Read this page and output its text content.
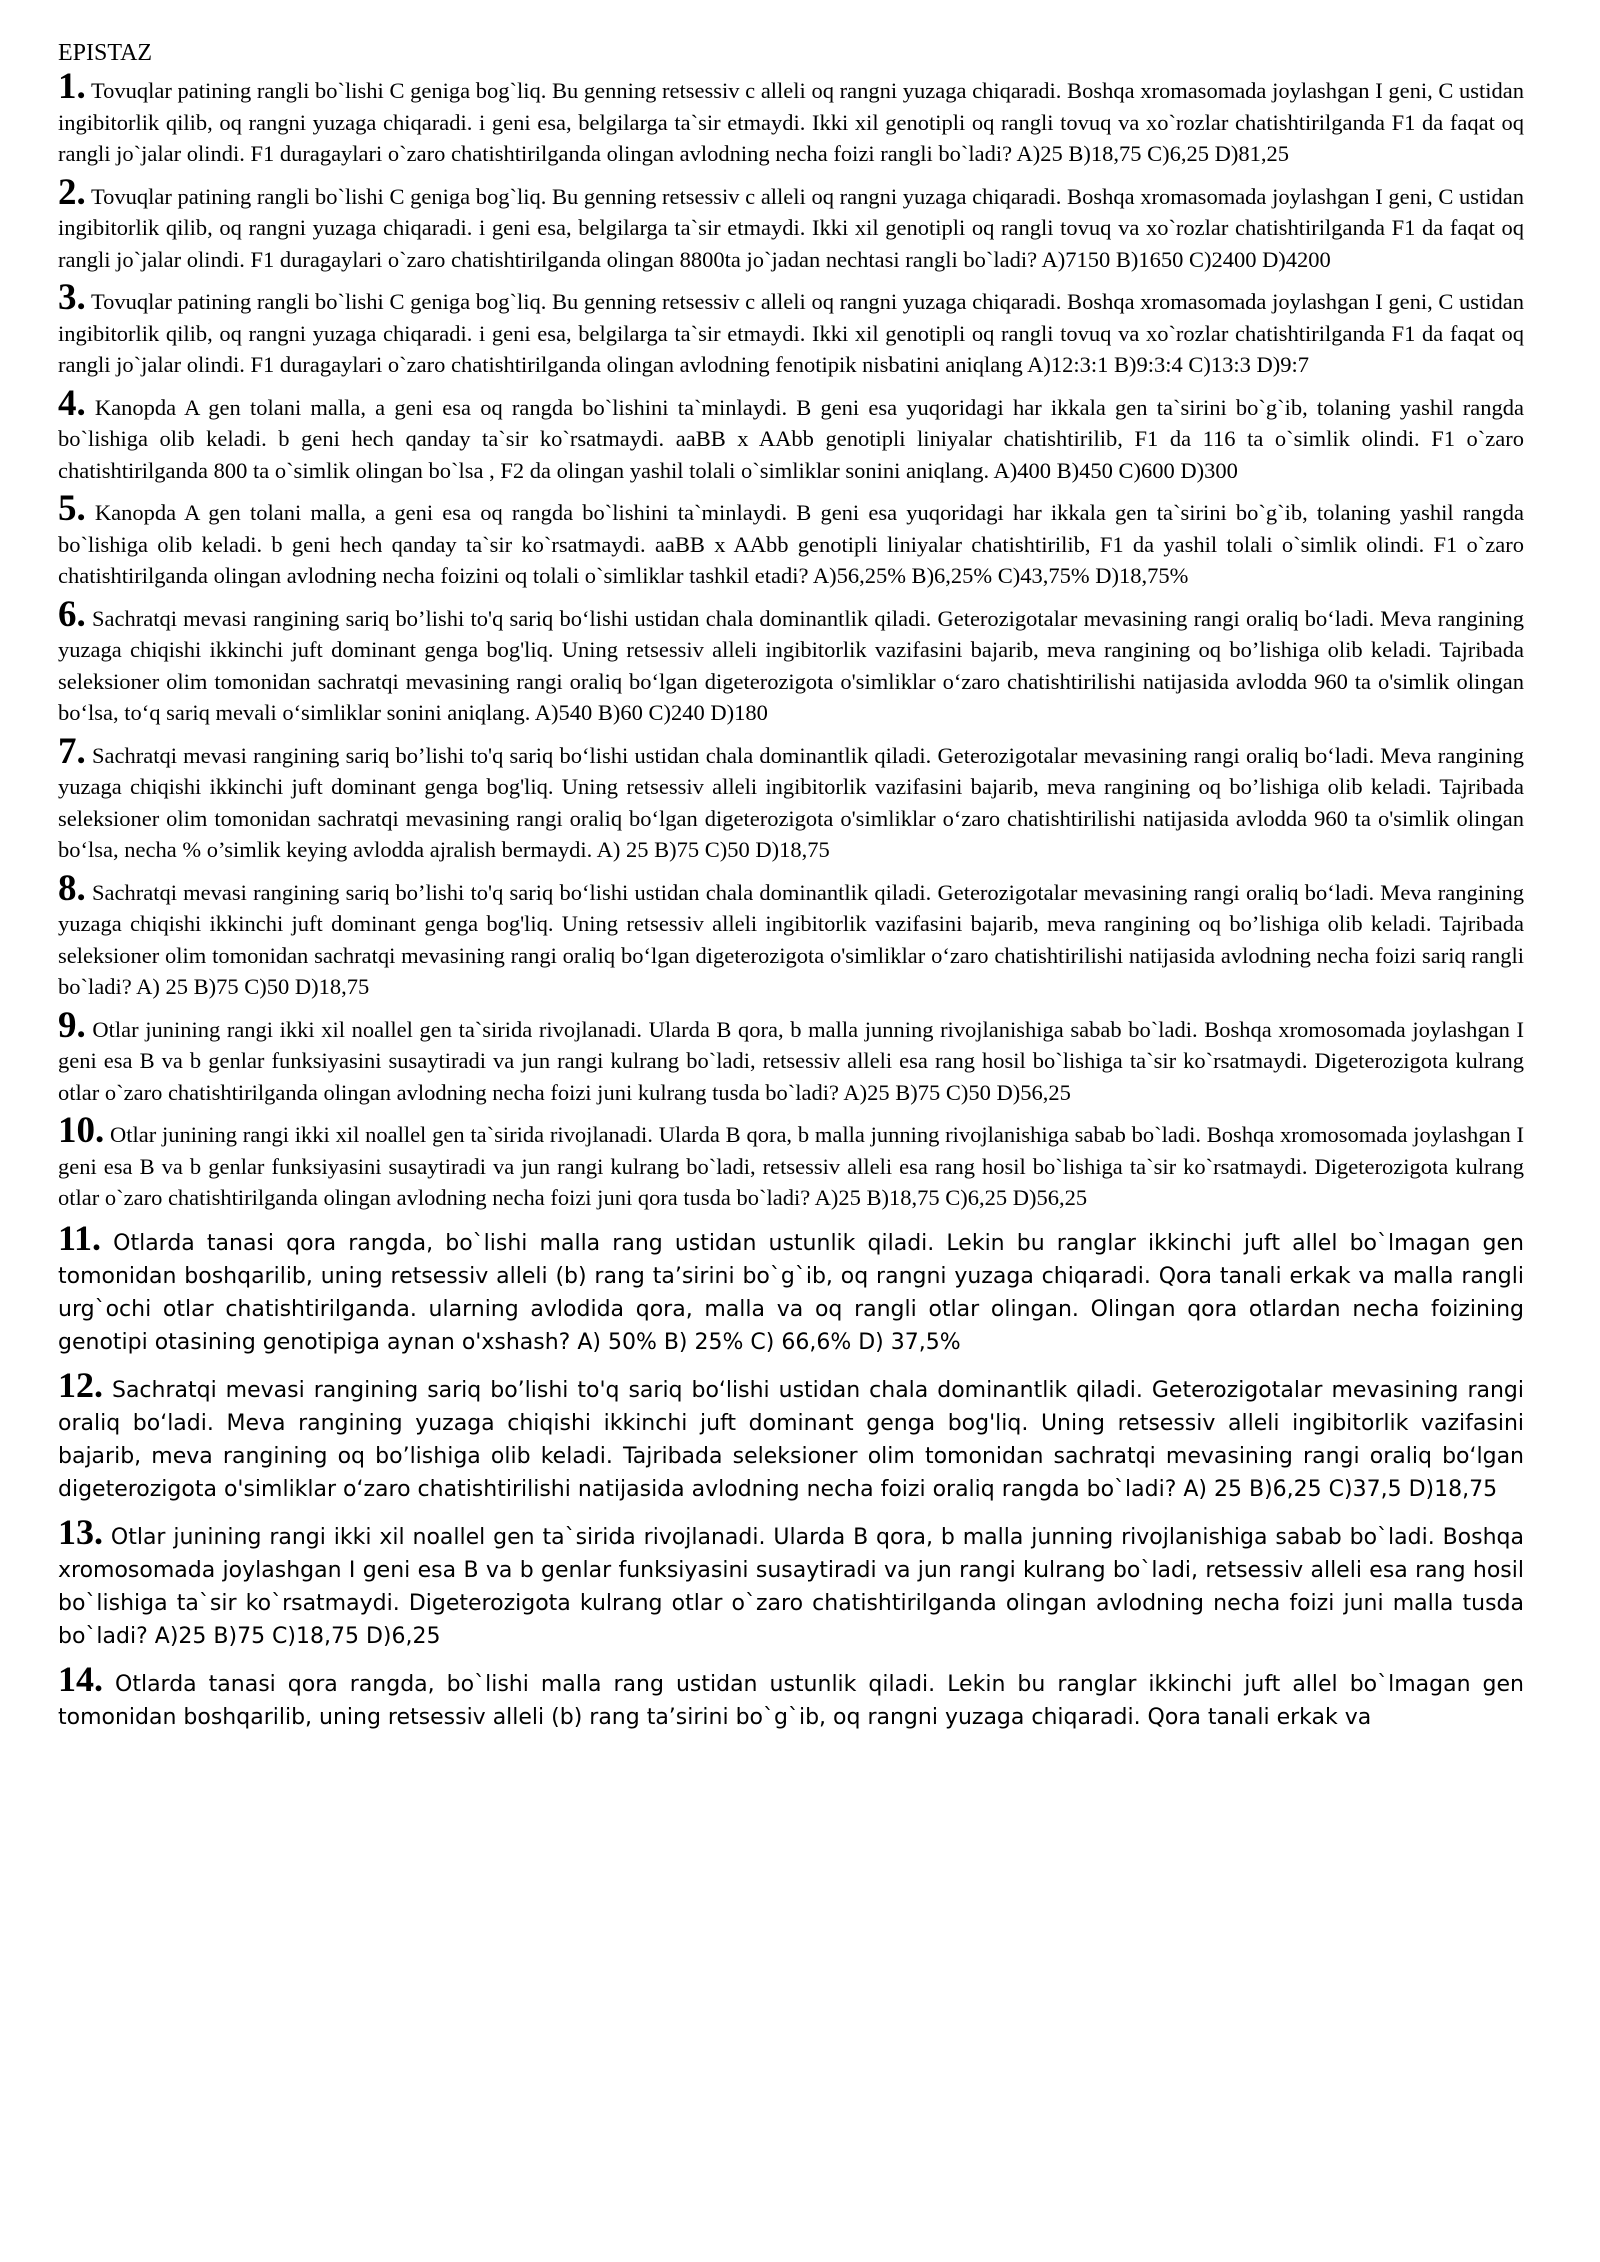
EPISTAZ

1. Tovuqlar patining rangli bo`lishi C geniga bog`liq. Bu genning retsessiv c alleli oq rangni yuzaga chiqaradi. Boshqa xromasomada joylashgan I geni, C ustidan ingibitorlik qilib, oq rangni yuzaga chiqaradi. i geni esa, belgilarga ta`sir etmaydi. Ikki xil genotipli oq rangli tovuq va xo`rozlar chatishtirilganda F1 da faqat oq rangli jo`jalar olindi. F1 duragaylari o`zaro chatishtirilganda olingan avlodning necha foizi rangli bo`ladi? A)25 B)18,75 C)6,25 D)81,25

2. Tovuqlar patining rangli bo`lishi C geniga bog`liq. Bu genning retsessiv c alleli oq rangni yuzaga chiqaradi. Boshqa xromasomada joylashgan I geni, C ustidan ingibitorlik qilib, oq rangni yuzaga chiqaradi. i geni esa, belgilarga ta`sir etmaydi. Ikki xil genotipli oq rangli tovuq va xo`rozlar chatishtirilganda F1 da faqat oq rangli jo`jalar olindi. F1 duragaylari o`zaro chatishtirilganda olingan 8800ta jo`jadan nechtasi rangli bo`ladi? A)7150 B)1650 C)2400 D)4200

3. Tovuqlar patining rangli bo`lishi C geniga bog`liq. Bu genning retsessiv c alleli oq rangni yuzaga chiqaradi. Boshqa xromasomada joylashgan I geni, C ustidan ingibitorlik qilib, oq rangni yuzaga chiqaradi. i geni esa, belgilarga ta`sir etmaydi. Ikki xil genotipli oq rangli tovuq va xo`rozlar chatishtirilganda F1 da faqat oq rangli jo`jalar olindi. F1 duragaylari o`zaro chatishtirilganda olingan avlodning fenotipik nisbatini aniqlang A)12:3:1 B)9:3:4 C)13:3 D)9:7

4. Kanopda A gen tolani malla, a geni esa oq rangda bo`lishini ta`minlaydi. B geni esa yuqoridagi har ikkala gen ta`sirini bo`g`ib, tolaning yashil rangda bo`lishiga olib keladi. b geni hech qanday ta`sir ko`rsatmaydi. aaBB x AAbb genotipli liniyalar chatishtirilib, F1 da 116 ta o`simlik olindi. F1 o`zaro chatishtirilganda 800 ta o`simlik olingan bo`lsa , F2 da olingan yashil tolali o`simliklar sonini aniqlang. A)400 B)450 C)600 D)300

5. Kanopda A gen tolani malla, a geni esa oq rangda bo`lishini ta`minlaydi. B geni esa yuqoridagi har ikkala gen ta`sirini bo`g`ib, tolaning yashil rangda bo`lishiga olib keladi. b geni hech qanday ta`sir ko`rsatmaydi. aaBB x AAbb genotipli liniyalar chatishtirilib, F1 da yashil tolali o`simlik olindi. F1 o`zaro chatishtirilganda olingan avlodning necha foizini oq tolali o`simliklar tashkil etadi? A)56,25% B)6,25% C)43,75% D)18,75%

6. Sachratqi mevasi rangining sariq bo’lishi to'q sariq bo‘lishi ustidan chala dominantlik qiladi. Geterozigotalar mevasining rangi oraliq bo‘ladi. Meva rangining yuzaga chiqishi ikkinchi juft dominant genga bog'liq. Uning retsessiv alleli ingibitorlik vazifasini bajarib, meva rangining oq bo’lishiga olib keladi. Tajribada seleksioner olim tomonidan sachratqi mevasining rangi oraliq bo‘lgan digeterozigota o'simliklar o‘zaro chatishtirilishi natijasida avlodda 960 ta o'simlik olingan bo‘lsa, to‘q sariq mevali o‘simliklar sonini aniqlang. A)540 B)60 C)240 D)180

7. Sachratqi mevasi rangining sariq bo’lishi to'q sariq bo‘lishi ustidan chala dominantlik qiladi. Geterozigotalar mevasining rangi oraliq bo‘ladi. Meva rangining yuzaga chiqishi ikkinchi juft dominant genga bog'liq. Uning retsessiv alleli ingibitorlik vazifasini bajarib, meva rangining oq bo’lishiga olib keladi. Tajribada seleksioner olim tomonidan sachratqi mevasining rangi oraliq bo‘lgan digeterozigota o'simliklar o‘zaro chatishtirilishi natijasida avlodda 960 ta o'simlik olingan bo‘lsa, necha % o’simlik keying avlodda ajralish bermaydi. A) 25 B)75 C)50 D)18,75

8. Sachratqi mevasi rangining sariq bo’lishi to'q sariq bo‘lishi ustidan chala dominantlik qiladi. Geterozigotalar mevasining rangi oraliq bo‘ladi. Meva rangining yuzaga chiqishi ikkinchi juft dominant genga bog'liq. Uning retsessiv alleli ingibitorlik vazifasini bajarib, meva rangining oq bo’lishiga olib keladi. Tajribada seleksioner olim tomonidan sachratqi mevasining rangi oraliq bo‘lgan digeterozigota o'simliklar o‘zaro chatishtirilishi natijasida avlodning necha foizi sariq rangli bo`ladi? A) 25 B)75 C)50 D)18,75

9. Otlar junining rangi ikki xil noallel gen ta`sirida rivojlanadi. Ularda B qora, b malla junning rivojlanishiga sabab bo`ladi. Boshqa xromosomada joylashgan I geni esa B va b genlar funksiyasini susaytiradi va jun rangi kulrang bo`ladi, retsessiv alleli esa rang hosil bo`lishiga ta`sir ko`rsatmaydi. Digeterozigota kulrang otlar o`zaro chatishtirilganda olingan avlodning necha foizi juni kulrang tusda bo`ladi? A)25 B)75 C)50 D)56,25

10. Otlar junining rangi ikki xil noallel gen ta`sirida rivojlanadi. Ularda B qora, b malla junning rivojlanishiga sabab bo`ladi. Boshqa xromosomada joylashgan I geni esa B va b genlar funksiyasini susaytiradi va jun rangi kulrang bo`ladi, retsessiv alleli esa rang hosil bo`lishiga ta`sir ko`rsatmaydi. Digeterozigota kulrang otlar o`zaro chatishtirilganda olingan avlodning necha foizi juni qora tusda bo`ladi? A)25 B)18,75 C)6,25 D)56,25

11. Otlarda tanasi qora rangda, bo`lishi malla rang ustidan ustunlik qiladi. Lekin bu ranglar ikkinchi juft allel bo`lmagan gen tomonidan boshqarilib, uning retsessiv alleli (b) rang ta’sirini bo`g`ib, oq rangni yuzaga chiqaradi. Qora tanali erkak va malla rangli urg`ochi otlar chatishtirilganda. ularning avlodida qora, malla va oq rangli otlar olingan. Olingan qora otlardan necha foizining genotipi otasining genotipiga aynan o'xshash? A) 50% B) 25% C) 66,6% D) 37,5%

12. Sachratqi mevasi rangining sariq bo’lishi to'q sariq bo‘lishi ustidan chala dominantlik qiladi. Geterozigotalar mevasining rangi oraliq bo‘ladi. Meva rangining yuzaga chiqishi ikkinchi juft dominant genga bog'liq. Uning retsessiv alleli ingibitorlik vazifasini bajarib, meva rangining oq bo’lishiga olib keladi. Tajribada seleksioner olim tomonidan sachratqi mevasining rangi oraliq bo‘lgan digeterozigota o'simliklar o‘zaro chatishtirilishi natijasida avlodning necha foizi oraliq rangda bo`ladi? A) 25 B)6,25 C)37,5 D)18,75

13. Otlar junining rangi ikki xil noallel gen ta`sirida rivojlanadi. Ularda B qora, b malla junning rivojlanishiga sabab bo`ladi. Boshqa xromosomada joylashgan I geni esa B va b genlar funksiyasini susaytiradi va jun rangi kulrang bo`ladi, retsessiv alleli esa rang hosil bo`lishiga ta`sir ko`rsatmaydi. Digeterozigota kulrang otlar o`zaro chatishtirilganda olingan avlodning necha foizi juni malla tusda bo`ladi? A)25 B)75 C)18,75 D)6,25

14. Otlarda tanasi qora rangda, bo`lishi malla rang ustidan ustunlik qiladi. Lekin bu ranglar ikkinchi juft allel bo`lmagan gen tomonidan boshqarilib, uning retsessiv alleli (b) rang ta’sirini bo`g`ib, oq rangni yuzaga chiqaradi. Qora tanali erkak va
